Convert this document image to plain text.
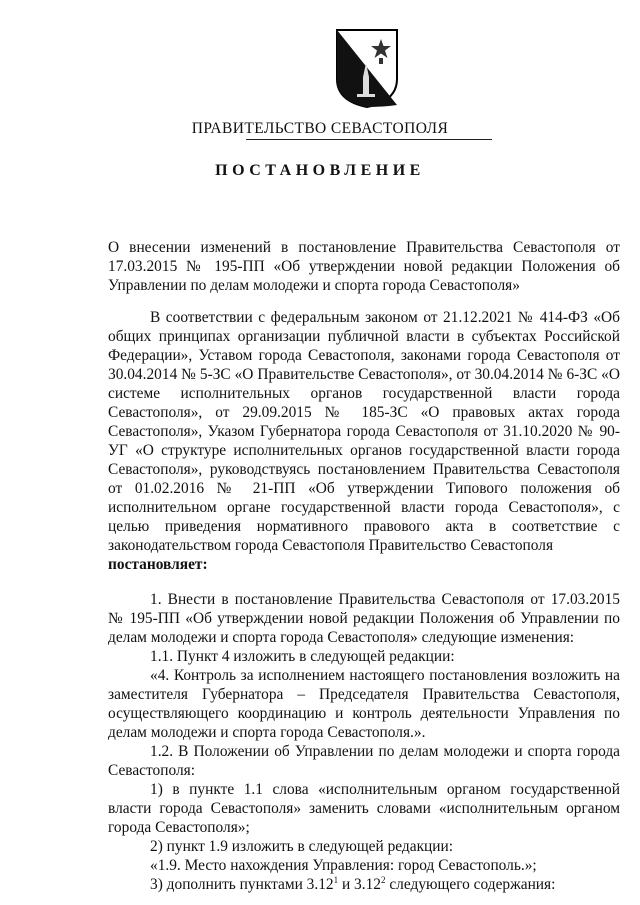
ПРАВИТЕЛЬСТВО СЕВАСТОПОЛЯ
ПОСТАНОВЛЕНИЕ
О внесении изменений в постановление Правительства Севастополя от 17.03.2015 № 195-ПП «Об утверждении новой редакции Положения об Управлении по делам молодежи и спорта города Севастополя»

В соответствии с федеральным законом от 21.12.2021 № 414-ФЗ «Об общих принципах организации публичной власти в субъектах Российской Федерации», Уставом города Севастополя, законами города Севастополя от 30.04.2014 № 5-ЗС «О Правительстве Севастополя», от 30.04.2014 № 6-ЗС «О системе исполнительных органов государственной власти города Севастополя», от 29.09.2015 № 185-ЗС «О правовых актах города Севастополя», Указом Губернатора города Севастополя от 31.10.2020 № 90-УГ «О структуре исполнительных органов государственной власти города Севастополя», руководствуясь постановлением Правительства Севастополя от 01.02.2016 № 21-ПП «Об утверждении Типового положения об исполнительном органе государственной власти города Севастополя», с целью приведения нормативного правового акта в соответствие с законодательством города Севастополя Правительство Севастополя

постановляет:

1. Внести в постановление Правительства Севастополя от 17.03.2015 № 195-ПП «Об утверждении новой редакции Положения об Управлении по делам молодежи и спорта города Севастополя» следующие изменения:

1.1. Пункт 4 изложить в следующей редакции:

«4. Контроль за исполнением настоящего постановления возложить на заместителя Губернатора – Председателя Правительства Севастополя, осуществляющего координацию и контроль деятельности Управления по делам молодежи и спорта города Севастополя.».

1.2. В Положении об Управлении по делам молодежи и спорта города Севастополя:

1) в пункте 1.1 слова «исполнительным органом государственной власти города Севастополя» заменить словами «исполнительным органом города Севастополя»;

2) пункт 1.9 изложить в следующей редакции:

«1.9. Место нахождения Управления: город Севастополь.»;

3) дополнить пунктами 3.12$^1$ и 3.12$^2$ следующего содержания:
